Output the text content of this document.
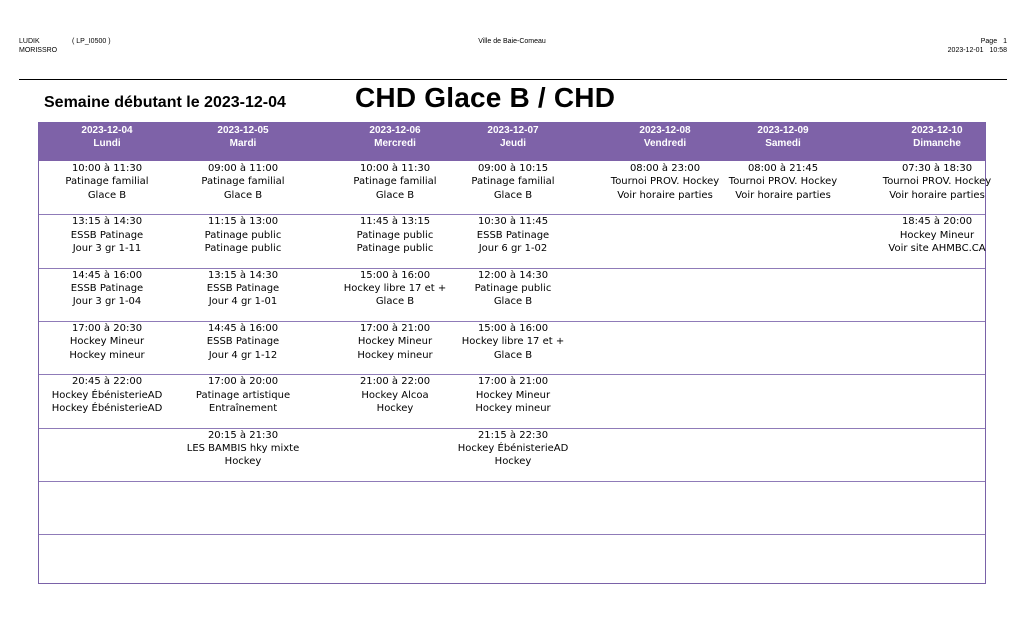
LUDIK
MORISSRO
( LP_I0500 )	Ville de Baie-Comeau	Page 1
2023-12-01 10:58
Semaine débutant le 2023-12-04 CHD Glace B / CHD
2023-12-04
Lundi
2023-12-05
Mardi
2023-12-06
Mercredi
2023-12-07
Jeudi
2023-12-08
Vendredi
2023-12-09
Samedi
2023-12-10
Dimanche
10:00 à 11:30
Patinage familial
Glace B
09:00 à 11:00
Patinage familial
Glace B
10:00 à 11:30
Patinage familial
Glace B
09:00 à 10:15
Patinage familial
Glace B
08:00 à 23:00
Tournoi PROV. Hockey
Voir horaire parties
08:00 à 21:45
Tournoi PROV. Hockey
Voir horaire parties
07:30 à 18:30
Tournoi PROV. Hockey
Voir horaire parties
13:15 à 14:30
ESSB Patinage
Jour 3 gr 1-11
11:15 à 13:00
Patinage public
Patinage public
11:45 à 13:15
Patinage public
Patinage public
10:30 à 11:45
ESSB Patinage
Jour 6 gr 1-02
18:45 à 20:00
Hockey Mineur
Voir site AHMBC.CA
14:45 à 16:00
ESSB Patinage
Jour 3 gr 1-04
13:15 à 14:30
ESSB Patinage
Jour 4 gr 1-01
15:00 à 16:00
Hockey libre 17 et +
Glace B
12:00 à 14:30
Patinage public
Glace B
17:00 à 20:30
Hockey Mineur
Hockey mineur
14:45 à 16:00
ESSB Patinage
Jour 4 gr 1-12
17:00 à 21:00
Hockey Mineur
Hockey mineur
15:00 à 16:00
Hockey libre 17 et +
Glace B
20:45 à 22:00
Hockey ÉbénisterieAD
Hockey ÉbénisterieAD
17:00 à 20:00
Patinage artistique
Entraînement
21:00 à 22:00
Hockey Alcoa
Hockey
17:00 à 21:00
Hockey Mineur
Hockey mineur
20:15 à 21:30
LES BAMBIS hky mixte
Hockey
21:15 à 22:30
Hockey ÉbénisterieAD
Hockey
